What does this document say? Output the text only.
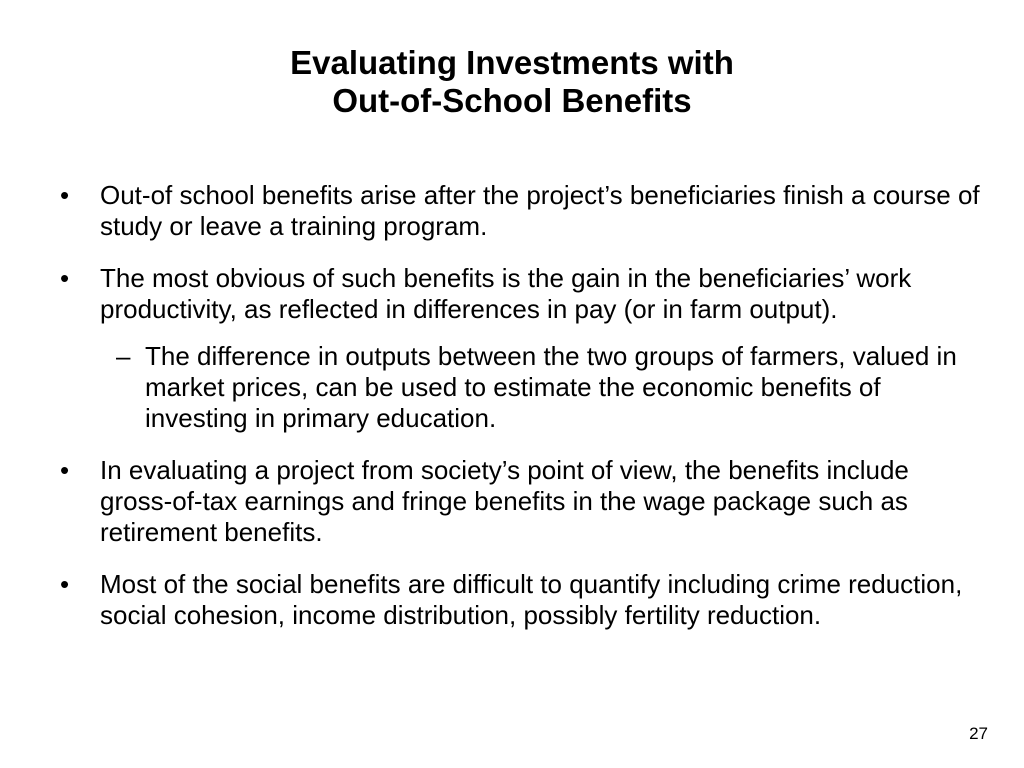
Evaluating Investments with
Out-of-School Benefits
• Out-of school benefits arise after the project’s beneficiaries finish a course of study or leave a training program.
• The most obvious of such benefits is the gain in the beneficiaries’ work productivity, as reflected in differences in pay (or in farm output).
– The difference in outputs between the two groups of farmers, valued in market prices, can be used to estimate the economic benefits of investing in primary education.
• In evaluating a project from society’s point of view, the benefits include gross-of-tax earnings and fringe benefits in the wage package such as retirement benefits.
• Most of the social benefits are difficult to quantify including crime reduction, social cohesion, income distribution, possibly fertility reduction.
27
